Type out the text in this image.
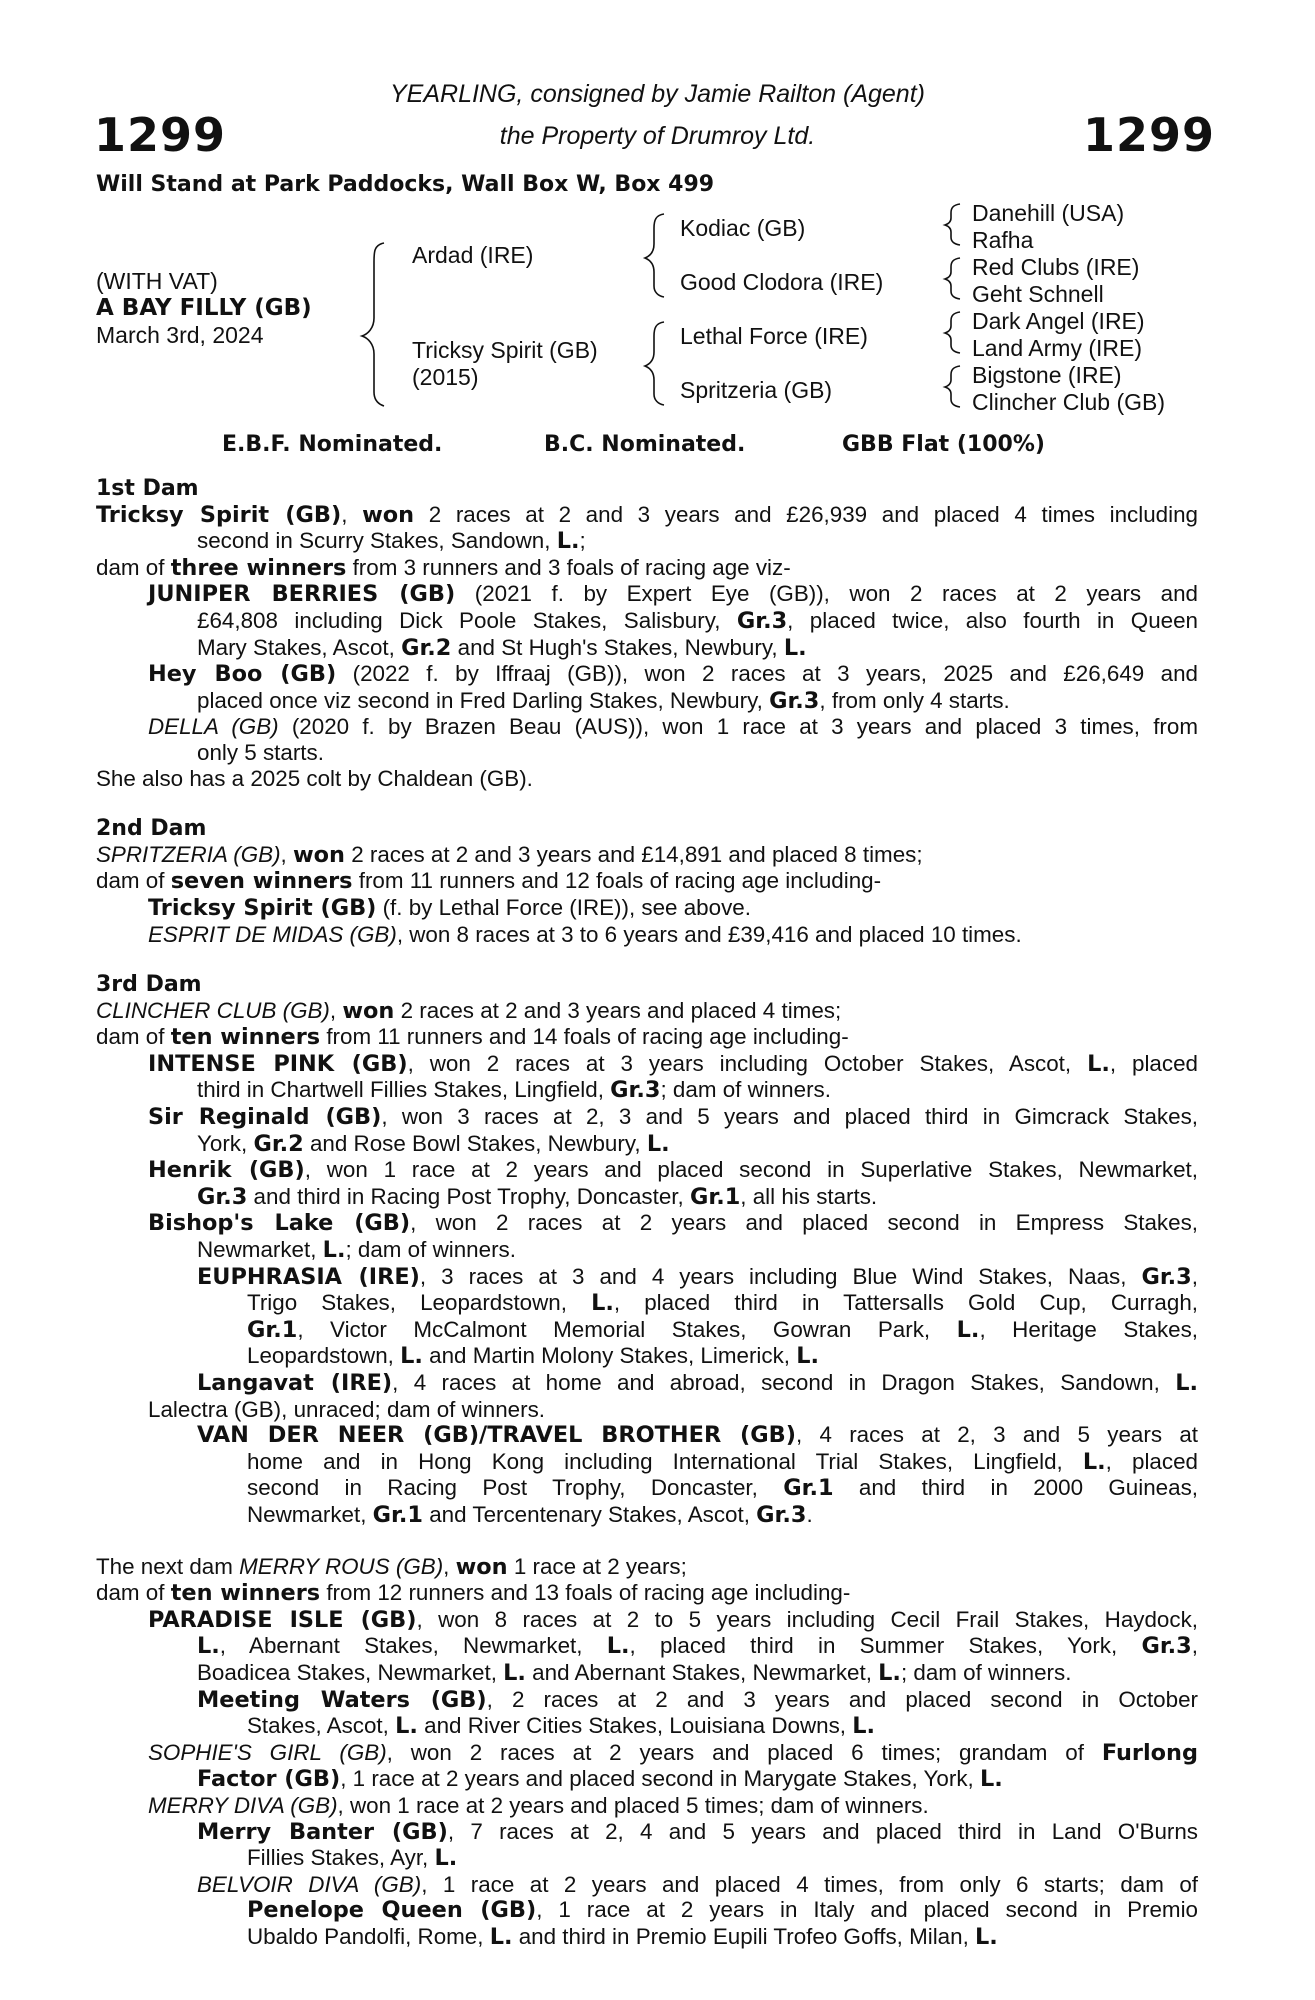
1299	1299
YEARLING, consigned by Jamie Railton (Agent)
the Property of Drumroy Ltd.
Will Stand at Park Paddocks, Wall Box W, Box 499
(WITH VAT)
A BAY FILLY (GB)
March 3rd, 2024
Ardad (IRE)
Tricksy Spirit (GB)
(2015)
Kodiac (GB)
Good Clodora (IRE)
Lethal Force (IRE)
Spritzeria (GB)
Danehill (USA)
Rafha
Red Clubs (IRE)
Geht Schnell
Dark Angel (IRE)
Land Army (IRE)
Bigstone (IRE)
Clincher Club (GB)
E.B.F. Nominated.	B.C. Nominated.	GBB Flat (100%)
1st Dam
Tricksy Spirit (GB), won 2 races at 2 and 3 years and £26,939 and placed 4 times including
second in Scurry Stakes, Sandown, L.;
dam of three winners from 3 runners and 3 foals of racing age viz-
JUNIPER BERRIES (GB) (2021 f. by Expert Eye (GB)), won 2 races at 2 years and
£64,808 including Dick Poole Stakes, Salisbury, Gr.3, placed twice, also fourth in Queen
Mary Stakes, Ascot, Gr.2 and St Hugh's Stakes, Newbury, L.
Hey Boo (GB) (2022 f. by Iffraaj (GB)), won 2 races at 3 years, 2025 and £26,649 and
placed once viz second in Fred Darling Stakes, Newbury, Gr.3, from only 4 starts.
DELLA (GB) (2020 f. by Brazen Beau (AUS)), won 1 race at 3 years and placed 3 times, from
only 5 starts.
She also has a 2025 colt by Chaldean (GB).
2nd Dam
SPRITZERIA (GB), won 2 races at 2 and 3 years and £14,891 and placed 8 times;
dam of seven winners from 11 runners and 12 foals of racing age including-
Tricksy Spirit (GB) (f. by Lethal Force (IRE)), see above.
ESPRIT DE MIDAS (GB), won 8 races at 3 to 6 years and £39,416 and placed 10 times.
3rd Dam
CLINCHER CLUB (GB), won 2 races at 2 and 3 years and placed 4 times;
dam of ten winners from 11 runners and 14 foals of racing age including-
INTENSE PINK (GB), won 2 races at 3 years including October Stakes, Ascot, L., placed
third in Chartwell Fillies Stakes, Lingfield, Gr.3; dam of winners.
Sir Reginald (GB), won 3 races at 2, 3 and 5 years and placed third in Gimcrack Stakes,
York, Gr.2 and Rose Bowl Stakes, Newbury, L.
Henrik (GB), won 1 race at 2 years and placed second in Superlative Stakes, Newmarket,
Gr.3 and third in Racing Post Trophy, Doncaster, Gr.1, all his starts.
Bishop's Lake (GB), won 2 races at 2 years and placed second in Empress Stakes,
Newmarket, L.; dam of winners.
EUPHRASIA (IRE), 3 races at 3 and 4 years including Blue Wind Stakes, Naas, Gr.3,
Trigo Stakes, Leopardstown, L., placed third in Tattersalls Gold Cup, Curragh,
Gr.1, Victor McCalmont Memorial Stakes, Gowran Park, L., Heritage Stakes,
Leopardstown, L. and Martin Molony Stakes, Limerick, L.
Langavat (IRE), 4 races at home and abroad, second in Dragon Stakes, Sandown, L.
Lalectra (GB), unraced; dam of winners.
VAN DER NEER (GB)/TRAVEL BROTHER (GB), 4 races at 2, 3 and 5 years at
home and in Hong Kong including International Trial Stakes, Lingfield, L., placed
second in Racing Post Trophy, Doncaster, Gr.1 and third in 2000 Guineas,
Newmarket, Gr.1 and Tercentenary Stakes, Ascot, Gr.3.
The next dam MERRY ROUS (GB), won 1 race at 2 years;
dam of ten winners from 12 runners and 13 foals of racing age including-
PARADISE ISLE (GB), won 8 races at 2 to 5 years including Cecil Frail Stakes, Haydock,
L., Abernant Stakes, Newmarket, L., placed third in Summer Stakes, York, Gr.3,
Boadicea Stakes, Newmarket, L. and Abernant Stakes, Newmarket, L.; dam of winners.
Meeting Waters (GB), 2 races at 2 and 3 years and placed second in October
Stakes, Ascot, L. and River Cities Stakes, Louisiana Downs, L.
SOPHIE'S GIRL (GB), won 2 races at 2 years and placed 6 times; grandam of Furlong
Factor (GB), 1 race at 2 years and placed second in Marygate Stakes, York, L.
MERRY DIVA (GB), won 1 race at 2 years and placed 5 times; dam of winners.
Merry Banter (GB), 7 races at 2, 4 and 5 years and placed third in Land O'Burns
Fillies Stakes, Ayr, L.
BELVOIR DIVA (GB), 1 race at 2 years and placed 4 times, from only 6 starts; dam of
Penelope Queen (GB), 1 race at 2 years in Italy and placed second in Premio
Ubaldo Pandolfi, Rome, L. and third in Premio Eupili Trofeo Goffs, Milan, L.
